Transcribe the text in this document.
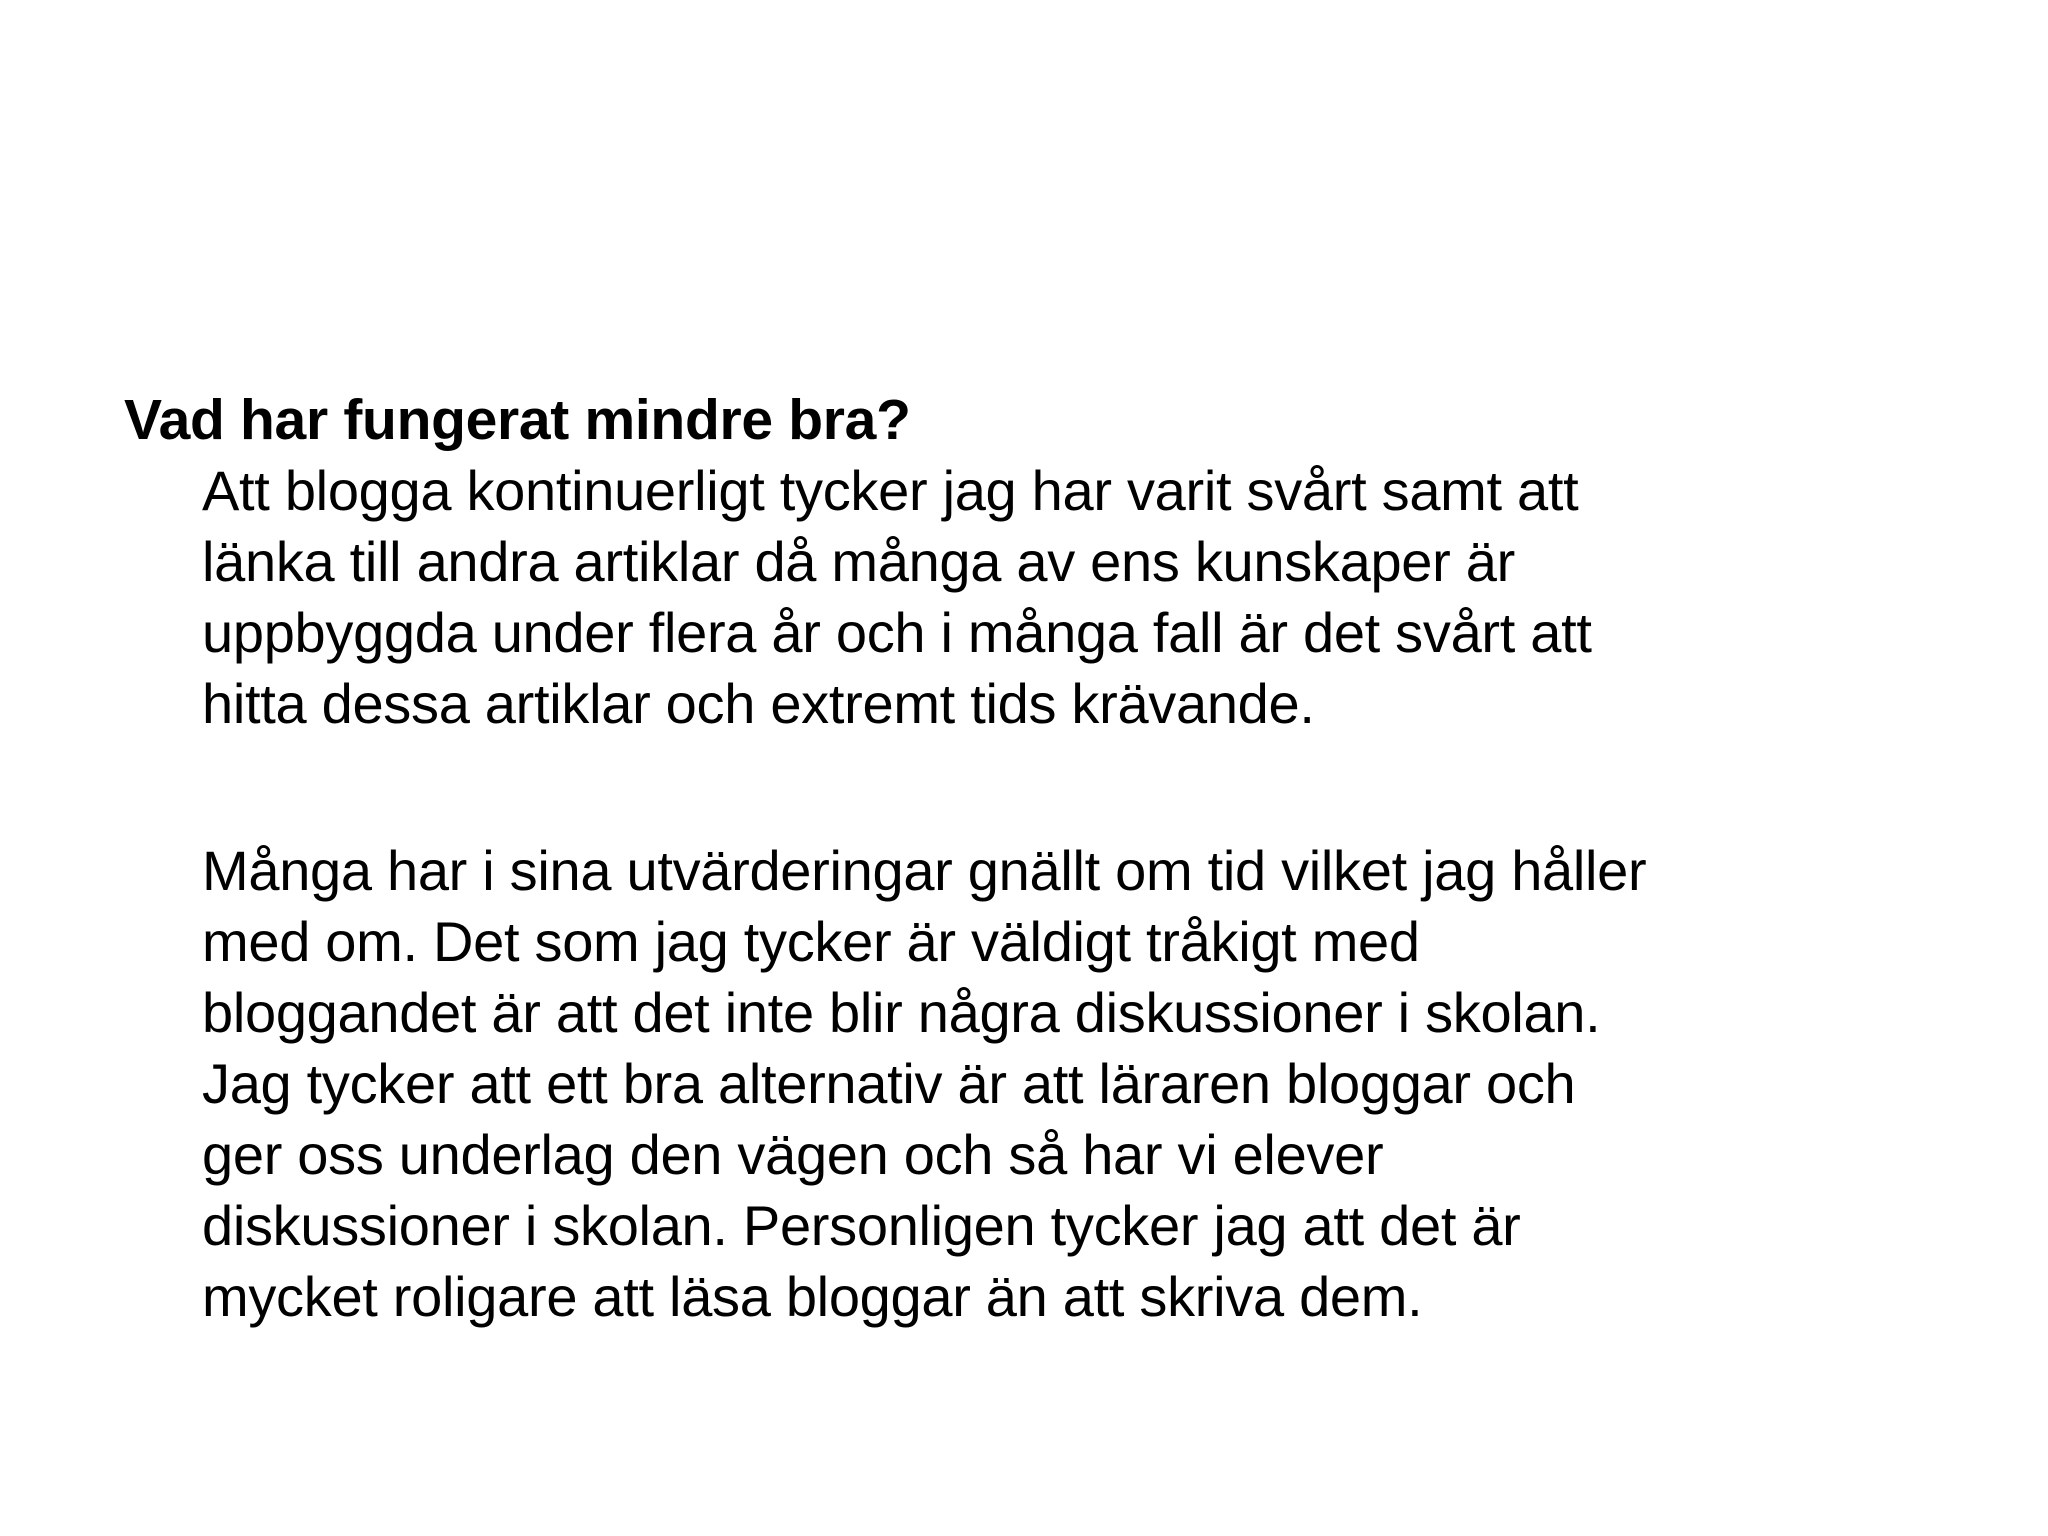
Vad har fungerat mindre bra?

Att blogga kontinuerligt tycker jag har varit svårt samt att
länka till andra artiklar då många av ens kunskaper är
uppbyggda under flera år och i många fall är det svårt att
hitta dessa artiklar och extremt tids krävande.

Många har i sina utvärderingar gnällt om tid vilket jag håller
med om. Det som jag tycker är väldigt tråkigt med
bloggandet är att det inte blir några diskussioner i skolan.
Jag tycker att ett bra alternativ är att läraren bloggar och
ger oss underlag den vägen och så har vi elever
diskussioner i skolan. Personligen tycker jag att det är
mycket roligare att läsa bloggar än att skriva dem.
